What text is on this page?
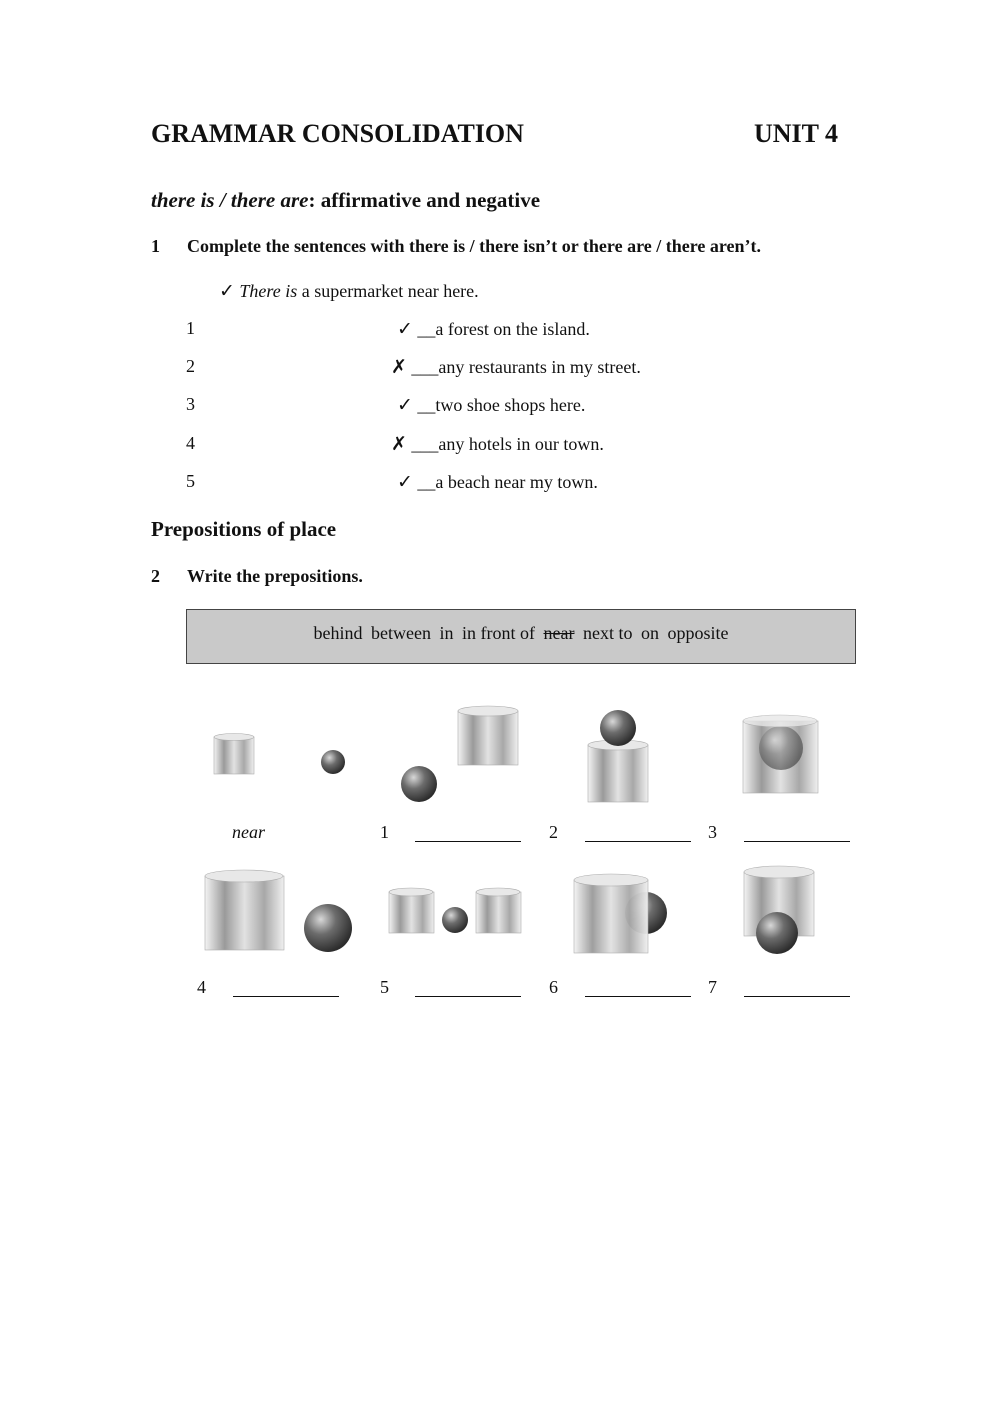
GRAMMAR CONSOLIDATION	UNIT 4
there is / there are: affirmative and negative
1 Complete the sentences with there is / there isn’t or there are / there aren’t.
✓ There is a supermarket near here.
1	✓ __a forest on the island.
2	✗ ___any restaurants in my street.
3	✓ __two shoe shops here.
4	✗ ___any hotels in our town.
5	✓ __a beach near my town.
Prepositions of place
2 Write the prepositions.
behind between in in front of near next to on opposite
near	1	2	3
4	5	6	7
